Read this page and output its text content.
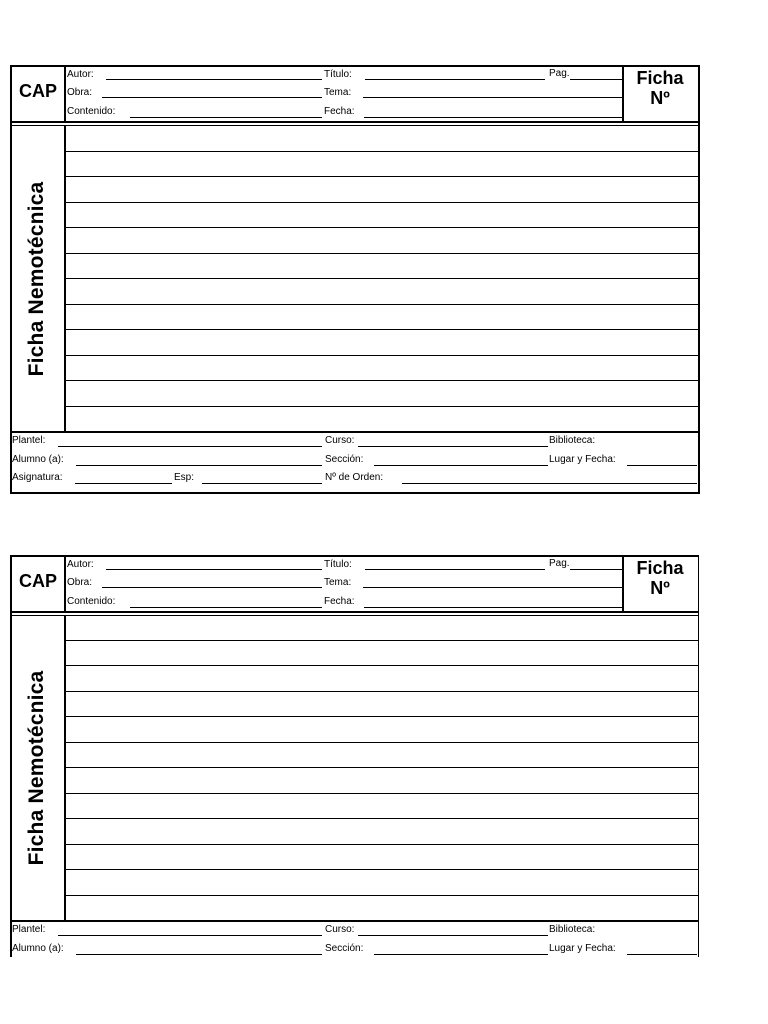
CAP
Ficha
Nº
Autor:	Título:	Pag.
Obra:	Tema:
Contenido:	Fecha:
Ficha Nemotécnica
Plantel:	Curso:	Biblioteca:
Alumno (a):	Sección:	Lugar y Fecha:
Asignatura:	Esp:	Nº de Orden:
CAP
Ficha
Nº
Autor:	Título:	Pag.
Obra:	Tema:
Contenido:	Fecha:
Ficha Nemotécnica
Plantel:	Curso:	Biblioteca:
Alumno (a):	Sección:	Lugar y Fecha:
